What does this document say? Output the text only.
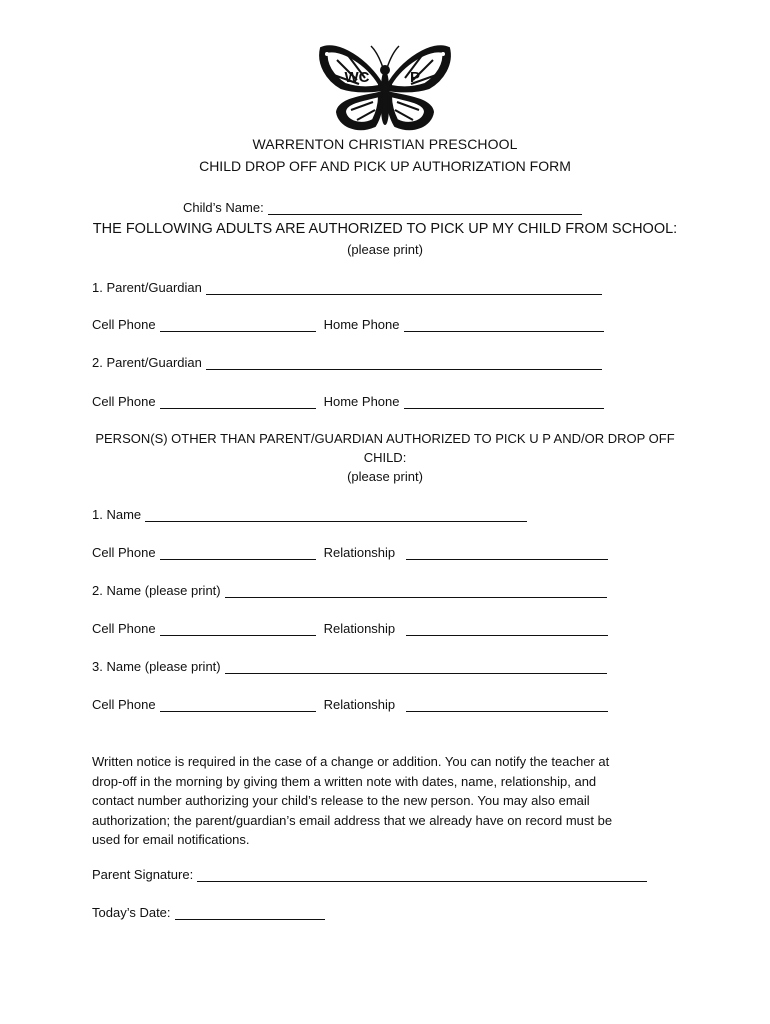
WC	P
WARRENTON CHRISTIAN PRESCHOOL
CHILD DROP OFF AND PICK UP AUTHORIZATION FORM
Child’s Name:
THE FOLLOWING ADULTS ARE AUTHORIZED TO PICK UP MY CHILD FROM SCHOOL:
(please print)
1. Parent/Guardian
Cell Phone	Home Phone
2. Parent/Guardian
Cell Phone	Home Phone
PERSON(S) OTHER THAN PARENT/GUARDIAN AUTHORIZED TO PICK U P AND/OR DROP OFF
CHILD:
(please print)
1. Name
Cell Phone	Relationship
2. Name (please print)
Cell Phone	Relationship
3. Name (please print)
Cell Phone	Relationship

Written notice is required in the case of a change or addition. You can notify the teacher at

drop-off in the morning by giving them a written note with dates, name, relationship, and

contact number authorizing your child’s release to the new person. You may also email

authorization; the parent/guardian’s email address that we already have on record must be

used for email notifications.

Parent Signature:
Today’s Date:
